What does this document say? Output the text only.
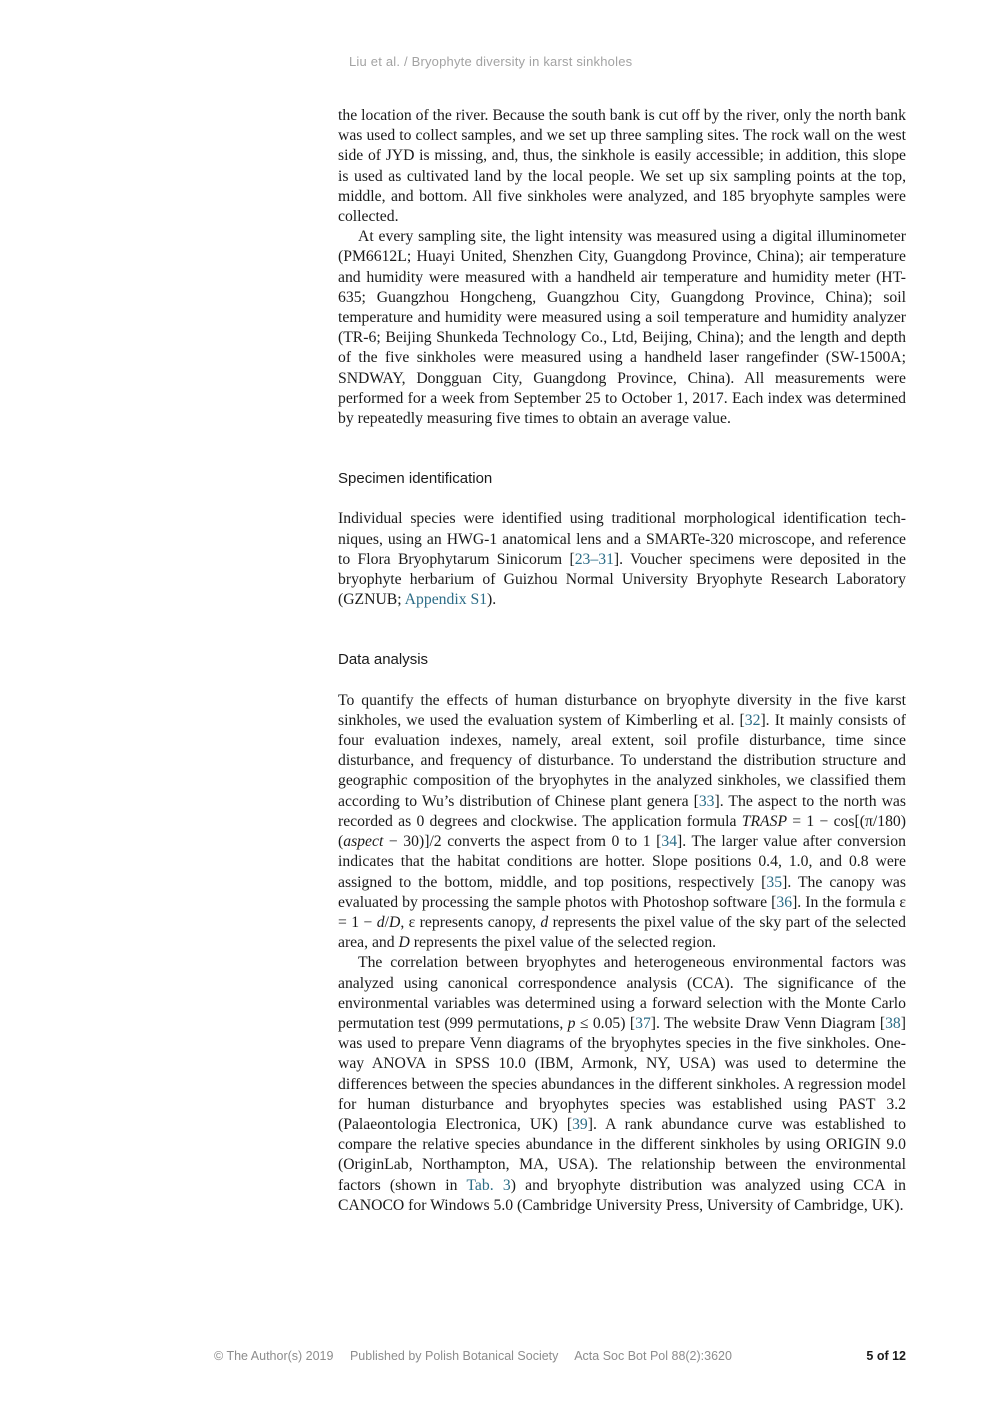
Liu et al. / Bryophyte diversity in karst sinkholes

the location of the river. Because the south bank is cut off by the river, only the north bank was used to collect samples, and we set up three sampling sites. The rock wall on the west side of JYD is missing, and, thus, the sinkhole is easily accessible; in addition, this slope is used as cultivated land by the local people. We set up six sampling points at the top, middle, and bottom. All five sinkholes were analyzed, and 185 bryophyte samples were collected.

At every sampling site, the light intensity was measured using a digital illuminometer (PM6612L; Huayi United, Shenzhen City, Guangdong Province, China); air temperature and humidity were measured with a handheld air temperature and humidity meter (HT-635; Guangzhou Hongcheng, Guangzhou City, Guangdong Province, China); soil temperature and humidity were measured using a soil temperature and humidity analyzer (TR-6; Beijing Shunkeda Technology Co., Ltd, Beijing, China); and the length and depth of the five sinkholes were measured using a handheld laser rangefinder (SW-1500A; SNDWAY, Dongguan City, Guangdong Province, China). All measurements were performed for a week from September 25 to October 1, 2017. Each index was determined by repeatedly measuring five times to obtain an average value.

Specimen identification

Individual species were identified using traditional morphological identification techniques, using an HWG-1 anatomical lens and a SMARTe-320 microscope, and reference to Flora Bryophytarum Sinicorum [23–31]. Voucher specimens were deposited in the bryophyte herbarium of Guizhou Normal University Bryophyte Research Laboratory (GZNUB; Appendix S1).

Data analysis

To quantify the effects of human disturbance on bryophyte diversity in the five karst sinkholes, we used the evaluation system of Kimberling et al. [32]. It mainly consists of four evaluation indexes, namely, areal extent, soil profile disturbance, time since disturbance, and frequency of disturbance. To understand the distribution structure and geographic composition of the bryophytes in the analyzed sinkholes, we classified them according to Wu’s distribution of Chinese plant genera [33]. The aspect to the north was recorded as 0 degrees and clockwise. The application formula TRASP = 1 − cos[(π/180)(aspect − 30)]/2 converts the aspect from 0 to 1 [34]. The larger value after conversion indicates that the habitat conditions are hotter. Slope positions 0.4, 1.0, and 0.8 were assigned to the bottom, middle, and top positions, respectively [35]. The canopy was evaluated by processing the sample photos with Photoshop software [36]. In the formula ε = 1 − d/D, ε represents canopy, d represents the pixel value of the sky part of the selected area, and D represents the pixel value of the selected region.

The correlation between bryophytes and heterogeneous environmental factors was analyzed using canonical correspondence analysis (CCA). The significance of the environmental variables was determined using a forward selection with the Monte Carlo permutation test (999 permutations, p ≤ 0.05) [37]. The website Draw Venn Diagram [38] was used to prepare Venn diagrams of the bryophytes species in the five sinkholes. One-way ANOVA in SPSS 10.0 (IBM, Armonk, NY, USA) was used to determine the differences between the species abundances in the different sinkholes. A regression model for human disturbance and bryophytes species was established using PAST 3.2 (Palaeontologia Electronica, UK) [39]. A rank abundance curve was established to compare the relative species abundance in the different sinkholes by using ORIGIN 9.0 (OriginLab, Northampton, MA, USA). The relationship between the environmental factors (shown in Tab. 3) and bryophyte distribution was analyzed using CCA in CANOCO for Windows 5.0 (Cambridge University Press, University of Cambridge, UK).

© The Author(s) 2019 Published by Polish Botanical Society Acta Soc Bot Pol 88(2):3620	5 of 12
